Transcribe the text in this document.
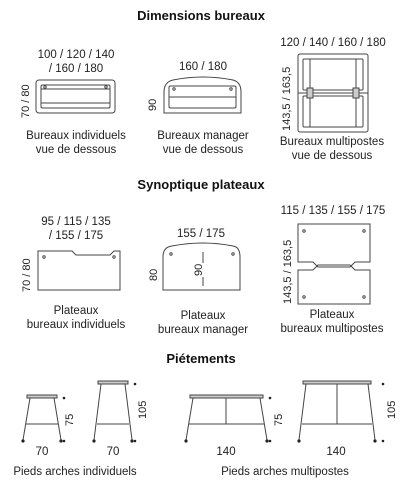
Dimensions bureaux
Synoptique plateaux
Piétements
100 / 120 / 140
/ 160 / 180
70 / 80
Bureaux individuels
vue de dessous
160 / 180
90
Bureaux manager
vue de dessous
120 / 140 / 160 / 180
143,5 / 163,5
Bureaux multipostes
vue de dessous
95 / 115 / 135
/ 155 / 175
70 / 80
Plateaux
bureaux individuels
155 / 175
80	90
Plateaux
bureaux manager
115 / 135 / 155 / 175
143,5 / 163,5
Plateaux
bureaux multipostes
75
70
105
70
75
140
105
140
Pieds arches individuels	Pieds arches multipostes
